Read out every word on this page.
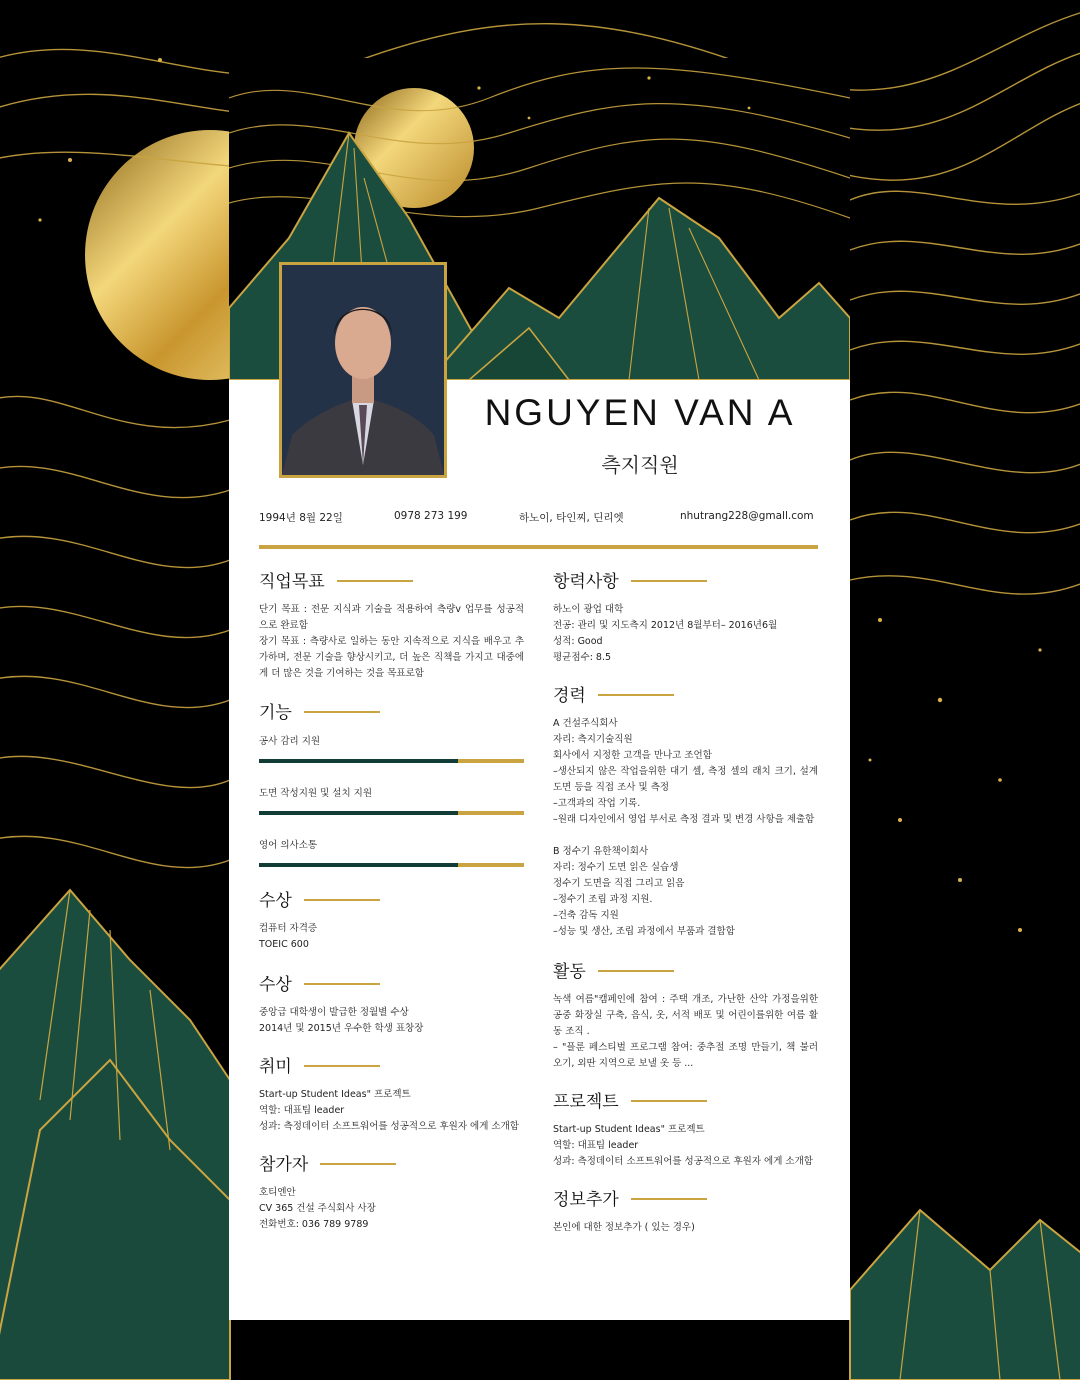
NGUYEN VAN A
측지직원
1994년 8월 22일	0978 273 199	하노이, 타인찌, 딘리엣	nhutrang228@gmall.com
직업목표

단기 목표 : 전문 지식과 기술을 적용하여 측량v 업무를 성공적으로 완료함

장기 목표 : 측량사로 일하는 동안 지속적으로 지식을 배우고 추가하며, 전문 기술을 향상시키고, 더 높은 직책을 가지고 대중에게 더 많은 것을 기여하는 것을 목표로함

기능
공사 감리 지원
도면 작성지원 및 설치 지원
영어 의사소통
수상

컴퓨터 자격증

TOEIC 600

수상

중앙급 대학생이 발급한 정월별 수상

2014년 및 2015년 우수한 학생 표창장

취미

Start-up Student Ideas" 프로젝트

역할: 대표팀 leader

성과: 측정데이터 소프트워어를 성공적으로 후원자 에게 소개함

참가자

호티엔안

CV 365 건설 주식회사 사장

전화번호: 036 789 9789

항력사항

하노이 광업 대학

전공: 관리 및 지도측지 2012년 8월부터– 2016년6월

성적: Good

평균점수: 8.5

경력

A 건설주식회사

자리: 측지기술직원

회사에서 지정한 고객을 만나고 조언함

–생산되지 않은 작업을위한 대기 셀, 측정 셀의 래치 크기, 설계 도면 등을 직접 조사 및 측정

–고객과의 작업 기록.

–원래 디자인에서 영업 부서로 측정 결과 및 변경 사항을 제출함

B 정수기 유한책이회사

자리: 정수기 도면 읽은 실습생

정수기 도면을 직접 그리고 읽음

–정수기 조립 과정 지원.

–건축 감독 지원

–성능 및 생산, 조립 과정에서 부품과 결합함

활동

녹색 여름"캠페인에 참여 : 주택 개조, 가난한 산악 가정을위한 공중 화장실 구축, 음식, 옷, 서적 배포 및 어린이를위한 여름 활동 조직 .

– "플룬 페스티벌 프로그램 참여: 중추절 조명 만들기, 책 불러 오기, 외딴 지역으로 보낼 옷 등 ...

프로젝트

Start-up Student Ideas" 프로젝트

역할: 대표팀 leader

성과: 측정데이터 소프트워어를 성공적으로 후원자 에게 소개함

정보추가

본인에 대한 정보추가 ( 있는 경우)
